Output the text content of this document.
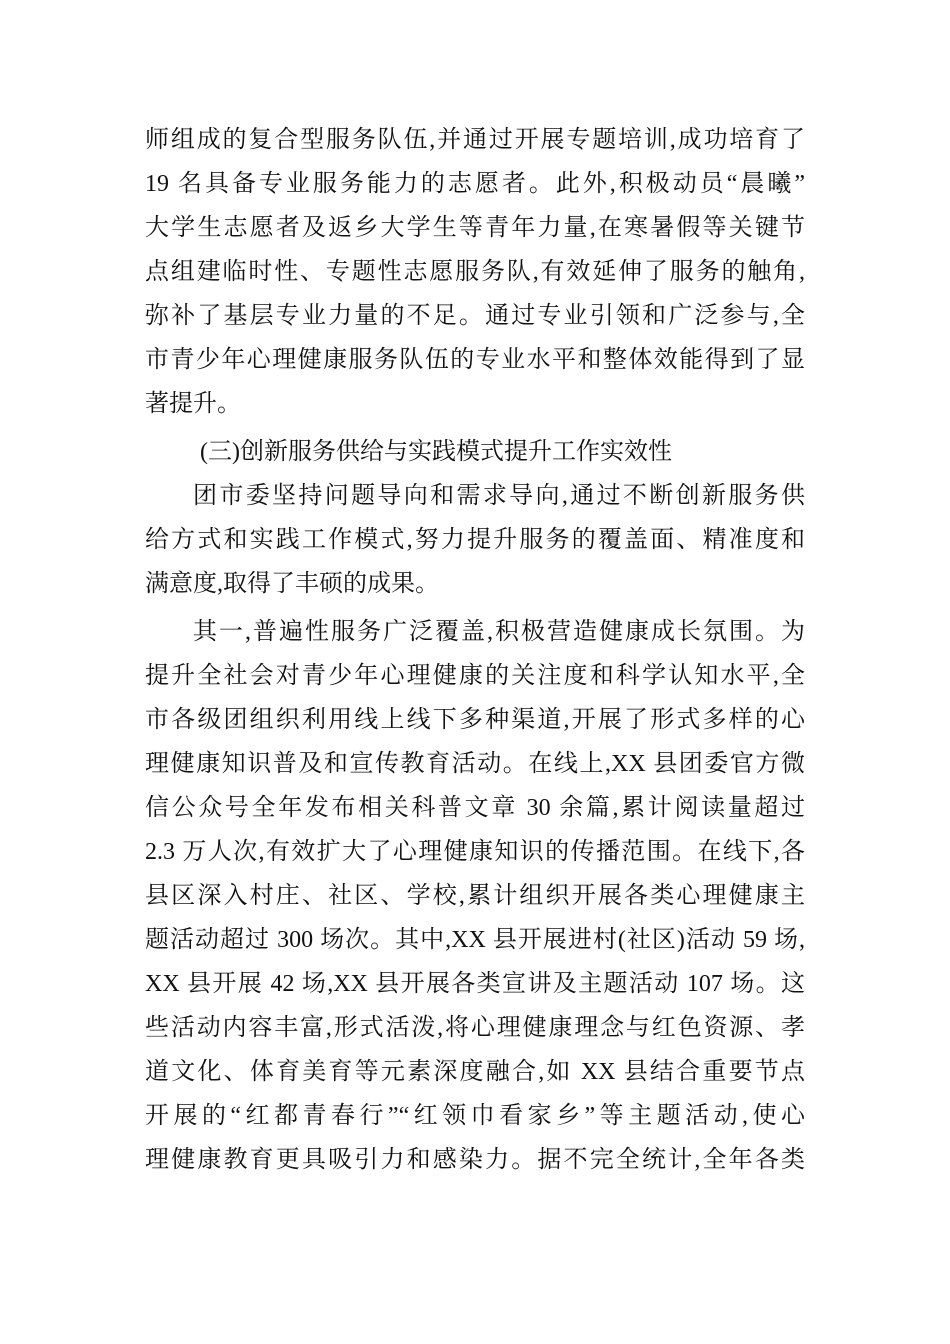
师组成的复合型服务队伍,并通过开展专题培训,成功培育了
19 名具备专业服务能力的志愿者。此外,积极动员“晨曦”
大学生志愿者及返乡大学生等青年力量,在寒暑假等关键节
点组建临时性、专题性志愿服务队,有效延伸了服务的触角,
弥补了基层专业力量的不足。通过专业引领和广泛参与,全
市青少年心理健康服务队伍的专业水平和整体效能得到了显
著提升。
(三)创新服务供给与实践模式提升工作实效性
团市委坚持问题导向和需求导向,通过不断创新服务供
给方式和实践工作模式,努力提升服务的覆盖面、精准度和
满意度,取得了丰硕的成果。
其一,普遍性服务广泛覆盖,积极营造健康成长氛围。为
提升全社会对青少年心理健康的关注度和科学认知水平,全
市各级团组织利用线上线下多种渠道,开展了形式多样的心
理健康知识普及和宣传教育活动。在线上,XX 县团委官方微
信公众号全年发布相关科普文章 30 余篇,累计阅读量超过
2.3 万人次,有效扩大了心理健康知识的传播范围。在线下,各
县区深入村庄、社区、学校,累计组织开展各类心理健康主
题活动超过 300 场次。其中,XX 县开展进村(社区)活动 59 场,
XX 县开展 42 场,XX 县开展各类宣讲及主题活动 107 场。这
些活动内容丰富,形式活泼,将心理健康理念与红色资源、孝
道文化、体育美育等元素深度融合,如 XX 县结合重要节点
开展的“红都青春行”“红领巾看家乡”等主题活动,使心
理健康教育更具吸引力和感染力。据不完全统计,全年各类
